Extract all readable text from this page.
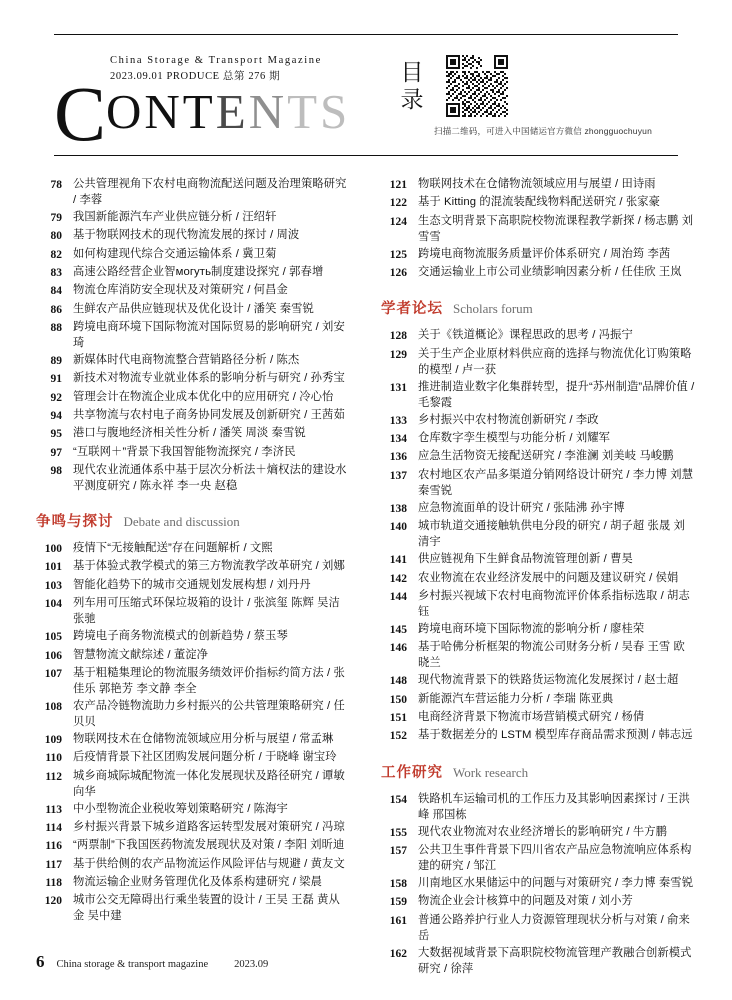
China Storage & Transport Magazine
2023.09.01 PRODUCE 总第 276 期
CONTENTS
目录
扫描二维码，可进入中国储运官方微信 zhongguochuyun
78 公共管理视角下农村电商物流配送问题及治理策略研究 / 李蓉
79 我国新能源汽车产业供应链分析 / 汪绍轩
80 基于物联网技术的现代物流发展的探讨 / 周波
82 如何构建现代综合交通运输体系 / 冀卫菊
83 高速公路经营企业智могуть制度建设探究 / 郭春增
84 物流仓库消防安全现状及对策研究 / 何昌金
86 生鲜农产品供应链现状及优化设计 / 潘笑 秦雪锐
88 跨境电商环境下国际物流对国际贸易的影响研究 / 刘安琦
89 新媒体时代电商物流整合营销路径分析 / 陈杰
91 新技术对物流专业就业体系的影响分析与研究 / 孙秀宝
92 管理会计在物流企业成本优化中的应用研究 / 冷心怡
94 共享物流与农村电子商务协同发展及创新研究 / 王茜茹
95 港口与腹地经济相关性分析 / 潘笑 周淡 秦雪锐
97 “互联网＋”背景下我国智能物流探究 / 李济民
98 现代农业流通体系中基于层次分析法＋熵权法的建设水平测度研究 / 陈永祥 李一央 赵稳
争鸣与探讨 Debate and discussion
100 疫情下“无接触配送”存在问题解析 / 文熙
101 基于体验式教学模式的第三方物流教学改革研究 / 刘娜
103 智能化趋势下的城市交通规划发展构想 / 刘丹丹
104 列车用可压缩式环保垃圾箱的设计 / 张滨玺 陈辉 吴洁 张驰
105 跨境电子商务物流模式的创新趋势 / 蔡玉琴
106 智慧物流文献综述 / 董淀净
107 基于粗糙集理论的物流服务绩效评价指标约简方法 / 张佳乐 郭艳芳 李文静 李全
108 农产品冷链物流助力乡村振兴的公共管理策略研究 / 任贝贝
109 物联网技术在仓储物流领域应用分析与展望 / 常孟琳
110 后疫情背景下社区团购发展问题分析 / 于晓峰 谢宝玲
112 城乡商城际城配物流一体化发展现状及路径研究 / 谭敏向华
113 中小型物流企业税收筹划策略研究 / 陈海宇
114 乡村振兴背景下城乡道路客运转型发展对策研究 / 冯琼
116 “两票制”下我国医药物流发展现状及对策 / 李阳 刘昕迪
117 基于供给侧的农产品物流运作风险评估与规避 / 黄友文
118 物流运输企业财务管理优化及体系构建研究 / 梁晨
120 城市公交无障碍出行乘坐装置的设计 / 王吴 王磊 黄从金 吴中建
121 物联网技术在仓储物流领域应用与展望 / 田诗雨
122 基于 Kitting 的混流装配线物料配送研究 / 张家豪
124 生态文明背景下高职院校物流课程教学新探 / 杨志鹏 刘雪雪
125 跨境电商物流服务质量评价体系研究 / 周治筠 李茜
126 交通运输业上市公司业绩影响因素分析 / 任佳欣 王岚
学者论坛 Scholars forum
128 关于《铁道概论》课程思政的思考 / 冯振宁
129 关于生产企业原材料供应商的选择与物流优化订购策略的模型 / 卢一获
131 推进制造业数字化集群转型，提升“苏州制造”品牌价值 / 毛黎霞
133 乡村振兴中农村物流创新研究 / 李政
134 仓库数字孪生模型与功能分析 / 刘耀军
136 应急生活物资无接配送研究 / 李淮澜 刘美岐 马峻鹏
137 农村地区农产品多渠道分销网络设计研究 / 李力博 刘慧 秦雪锐
138 应急物流面单的设计研究 / 张陆沸 孙宇博
140 城市轨道交通接触轨供电分段的研究 / 胡子超 张晟 刘清宇
141 供应链视角下生鲜食品物流管理创新 / 曹昊
142 农业物流在农业经济发展中的问题及建议研究 / 侯娟
144 乡村振兴视域下农村电商物流评价体系指标选取 / 胡志钰
145 跨境电商环境下国际物流的影响分析 / 廖桂荣
146 基于哈佛分析框架的物流公司财务分析 / 吴春 王雪 欧晓兰
148 现代物流背景下的铁路货运物流化发展探讨 / 赵士超
150 新能源汽车营运能力分析 / 李瑞 陈亚典
151 电商经济背景下物流市场营销模式研究 / 杨倩
152 基于数据差分的 LSTM 模型库存商品需求预测 / 韩志远
工作研究 Work research
154 铁路机车运输司机的工作压力及其影响因素探讨 / 王洪峰 邢国栋
155 现代农业物流对农业经济增长的影响研究 / 牛方鹏
157 公共卫生事件背景下四川省农产品应急物流响应体系构建的研究 / 邹江
158 川南地区水果储运中的问题与对策研究 / 李力博 秦雪锐
159 物流企业会计核算中的问题及对策 / 刘小芳
161 普通公路养护行业人力资源管理现状分析与对策 / 俞来岳
162 大数据视域背景下高职院校物流管理产教融合创新模式研究 / 徐萍
6 China storage & transport magazine 2023.09
